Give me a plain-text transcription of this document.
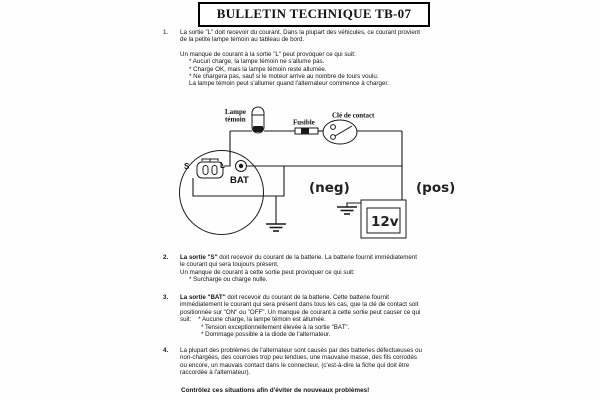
BULLETIN TECHNIQUE TB-07
1. La sortie "L" doit recevoir du courant. Dans la plupart des véhicules, ce courant provient
de la petite lampe témoin au tableau de bord.
Un manque de courant à la sortie "L" peut provoquer ce qui suit:
* Aucun charge, la lampe témoin ne s'allume pas.
* Charge OK, mais la lampe témoin reste allumée.
* Ne chargera pas, sauf si le moteur arrive au nombre de tours voulu.
La lampe témoin peut s'allumer quand l'alternateur commence à charger.
Lampe
témoin	Fusible
Clé de contact
S	L
BAT	(neg)	(pos)
12v
2. La sortie "S" doit recevoir du courant de la batterie. La batterie fournit immédiatement
le courant qui sera toujours présent.
Un manque de courant à cette sortie peut provoquer ce qui suit:
* Surcharge ou charge nulle.
3. La sortie "BAT" doit recevoir du courant de la batterie. Cette batterie fournit
immédiatement le courant qui sera présent dans tous les cas, que la clé de contact soit
positionnée sur "ON" ou "OFF". Un manque de courant à cette sortie peut causer ce qui
suit:    * Aucune charge, la lampe témoin est allumée.
* Tension exceptionnellement élevée à la sortie "BAT".
* Dommage possible à la diode de l'alternateur.
4. La plupart des problèmes de l'alternateur sont causés par des batteries défectueuses ou
non-chargées, des courroies trop peu tendues, une mauvaise masse, des fils corrodés
ou encore, un mauvais contact dans le connecteur, (c'est-à-dire la fiche qui doit être
raccordée à l'alternateur).
Contrôlez ces situations afin d'éviter de nouveaux problèmes!
